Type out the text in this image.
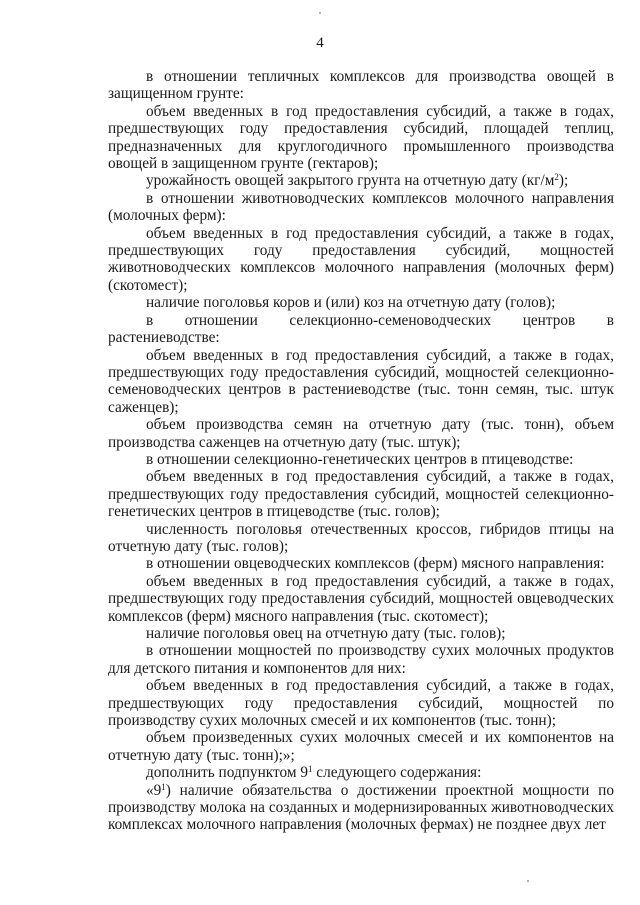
4

в отношении тепличных комплексов для производства овощей в защищенном грунте:

объем введенных в год предоставления субсидий, а также в годах, предшествующих году предоставления субсидий, площадей теплиц, предназначенных для круглогодичного промышленного производства овощей в защищенном грунте (гектаров);

урожайность овощей закрытого грунта на отчетную дату $(кг/м^2)$;

в отношении животноводческих комплексов молочного направления (молочных ферм):

объем введенных в год предоставления субсидий, а также в годах, предшествующих году предоставления субсидий, мощностей животноводческих комплексов молочного направления (молочных ферм) (скотомест);

наличие поголовья коров и (или) коз на отчетную дату (голов);

в отношении селекционно-семеноводческих центров в растениеводстве:

объем введенных в год предоставления субсидий, а также в годах, предшествующих году предоставления субсидий, мощностей селекционно-семеноводческих центров в растениеводстве (тыс. тонн семян, тыс. штук саженцев);

объем производства семян на отчетную дату (тыс. тонн), объем производства саженцев на отчетную дату (тыс. штук);

в отношении селекционно-генетических центров в птицеводстве:

объем введенных в год предоставления субсидий, а также в годах, предшествующих году предоставления субсидий, мощностей селекционно-генетических центров в птицеводстве (тыс. голов);

численность поголовья отечественных кроссов, гибридов птицы на отчетную дату (тыс. голов);

в отношении овцеводческих комплексов (ферм) мясного направления:

объем введенных в год предоставления субсидий, а также в годах, предшествующих году предоставления субсидий, мощностей овцеводческих комплексов (ферм) мясного направления (тыс. скотомест);

наличие поголовья овец на отчетную дату (тыс. голов);

в отношении мощностей по производству сухих молочных продуктов для детского питания и компонентов для них:

объем введенных в год предоставления субсидий, а также в годах, предшествующих году предоставления субсидий, мощностей по производству сухих молочных смесей и их компонентов (тыс. тонн);

объем произведенных сухих молочных смесей и их компонентов на отчетную дату (тыс. тонн);»;

дополнить подпунктом $9^1$ следующего содержания:

«$9^1$) наличие обязательства о достижении проектной мощности по производству молока на созданных и модернизированных животноводческих комплексах молочного направления (молочных фермах) не позднее двух лет
